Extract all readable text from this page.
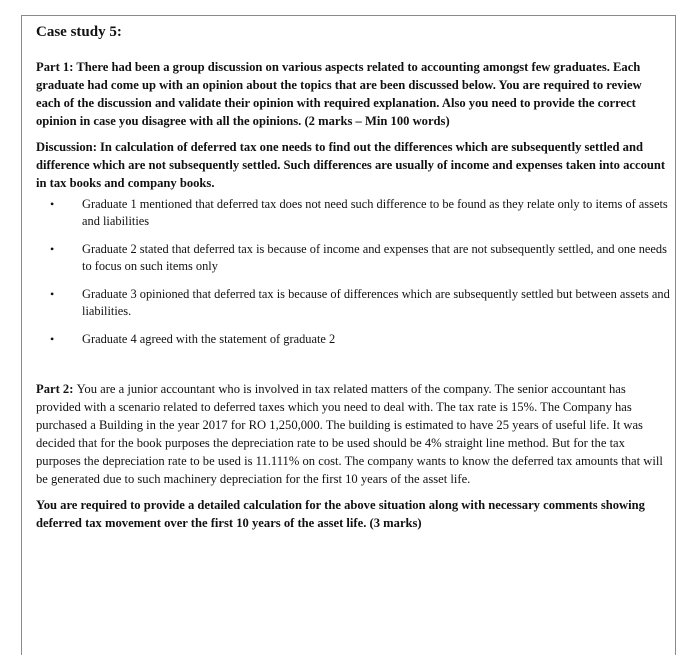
Case study 5:

Part 1: There had been a group discussion on various aspects related to accounting amongst few graduates. Each graduate had come up with an opinion about the topics that are been discussed below. You are required to review each of the discussion and validate their opinion with required explanation. Also you need to provide the correct opinion in case you disagree with all the opinions. (2 marks – Min 100 words)

Discussion: In calculation of deferred tax one needs to find out the differences which are subsequently settled and difference which are not subsequently settled. Such differences are usually of income and expenses taken into account in tax books and company books.

• Graduate 1 mentioned that deferred tax does not need such difference to be found as they relate only to items of assets and liabilities
• Graduate 2 stated that deferred tax is because of income and expenses that are not subsequently settled, and one needs to focus on such items only
• Graduate 3 opinioned that deferred tax is because of differences which are subsequently settled but between assets and liabilities.
• Graduate 4 agreed with the statement of graduate 2

Part 2: You are a junior accountant who is involved in tax related matters of the company. The senior accountant has provided with a scenario related to deferred taxes which you need to deal with. The tax rate is 15%. The Company has purchased a Building in the year 2017 for RO 1,250,000. The building is estimated to have 25 years of useful life. It was decided that for the book purposes the depreciation rate to be used should be 4% straight line method. But for the tax purposes the depreciation rate to be used is 11.111% on cost. The company wants to know the deferred tax amounts that will be generated due to such machinery depreciation for the first 10 years of the asset life.

You are required to provide a detailed calculation for the above situation along with necessary comments showing deferred tax movement over the first 10 years of the asset life. (3 marks)
